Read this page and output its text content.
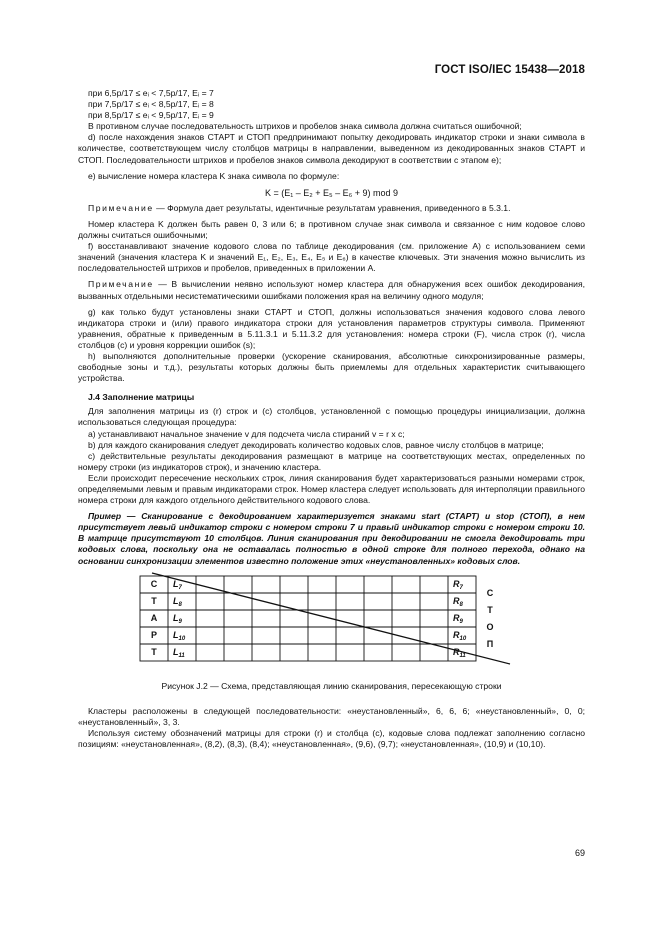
ГОСТ ISO/IEC 15438—2018

при 6,5p/17 ≤ eᵢ < 7,5p/17, Eᵢ = 7

при 7,5p/17 ≤ eᵢ < 8,5p/17, Eᵢ = 8

при 8,5p/17 ≤ eᵢ < 9,5p/17, Eᵢ = 9

В противном случае последовательность штрихов и пробелов знака символа должна считаться ошибочной;

d) после нахождения знаков СТАРТ и СТОП предпринимают попытку декодировать индикатор строки и знаки символа в количестве, соответствующем числу столбцов матрицы в направлении, выведенном из декодированных знаков СТАРТ и СТОП. Последовательности штрихов и пробелов знаков символа декодируют в соответствии с этапом е);

е) вычисление номера кластера K знака символа по формуле:

K = (E₁ – E₂ + E₅ – E₆ + 9) mod 9

Примечание — Формула дает результаты, идентичные результатам уравнения, приведенного в 5.3.1.

Номер кластера K должен быть равен 0, 3 или 6; в противном случае знак символа и связанное с ним кодовое слово должны считаться ошибочными;

f) восстанавливают значение кодового слова по таблице декодирования (см. приложение А) с использованием семи значений (значения кластера K и значений E₁, E₂, E₃, E₄, E₅ и E₆) в качестве ключевых. Эти значения можно вычислить из последовательностей штрихов и пробелов, приведенных в приложении А.

Примечание — В вычислении неявно используют номер кластера для обнаружения всех ошибок декодирования, вызванных отдельными несистематическими ошибками положения края на величину одного модуля;

g) как только будут установлены знаки СТАРТ и СТОП, должны использоваться значения кодового слова левого индикатора строки и (или) правого индикатора строки для установления параметров структуры символа. Применяют уравнения, обратные к приведенным в 5.11.3.1 и 5.11.3.2 для установления: номера строки (F), числа строк (r), числа столбцов (c) и уровня коррекции ошибок (s);

h) выполняются дополнительные проверки (ускорение сканирования, абсолютные синхронизированные размеры, свободные зоны и т.д.), результаты которых должны быть приемлемы для отдельных характеристик считывающего устройства.

J.4 Заполнение матрицы

Для заполнения матрицы из (r) строк и (c) столбцов, установленной с помощью процедуры инициализации, должна использоваться следующая процедура:

a) устанавливают начальное значение v для подсчета числа стираний v = r x c;

b) для каждого сканирования следует декодировать количество кодовых слов, равное числу столбцов в матрице;

c) действительные результаты декодирования размещают в матрице на соответствующих местах, определенных по номеру строки (из индикаторов строк), и значению кластера.

Если происходит пересечение нескольких строк, линия сканирования будет характеризоваться разными номерами строк, определяемыми левым и правым индикаторами строк. Номер кластера следует использовать для интерполяции правильного номера строки для каждого отдельного действительного кодового слова.

Пример — Сканирование с декодированием характеризуется знаками start (СТАРТ) и stop (СТОП), в нем присутствует левый индикатор строки с номером строки 7 и правый индикатор строки с номером строки 10. В матрице присутствуют 10 столбцов. Линия сканирования при декодировании не смогла декодировать три кодовых слова, поскольку она не оставалась полностью в одной строке для полного перехода, однако на основании синхронизации элементов известно положение этих «неустановленных» кодовых слов.

С
Т
А
Р
Т
С
Т
О
П
$L_7$
$L_8$
$L_9$
$L_{10}$
$L_{11}$
$R_7$
$R_8$
$R_9$
$R_{10}$
$R_{11}$

Рисунок J.2 — Схема, представляющая линию сканирования, пересекающую строки

Кластеры расположены в следующей последовательности: «неустановленный», 6, 6, 6; «неустановленный», 0, 0; «неустановленный», 3, 3.

Используя систему обозначений матрицы для строки (r) и столбца (c), кодовые слова подлежат заполнению согласно позициям: «неустановленная», (8,2), (8,3), (8,4); «неустановленная», (9,6), (9,7); «неустановленная», (10,9) и (10,10).

69
